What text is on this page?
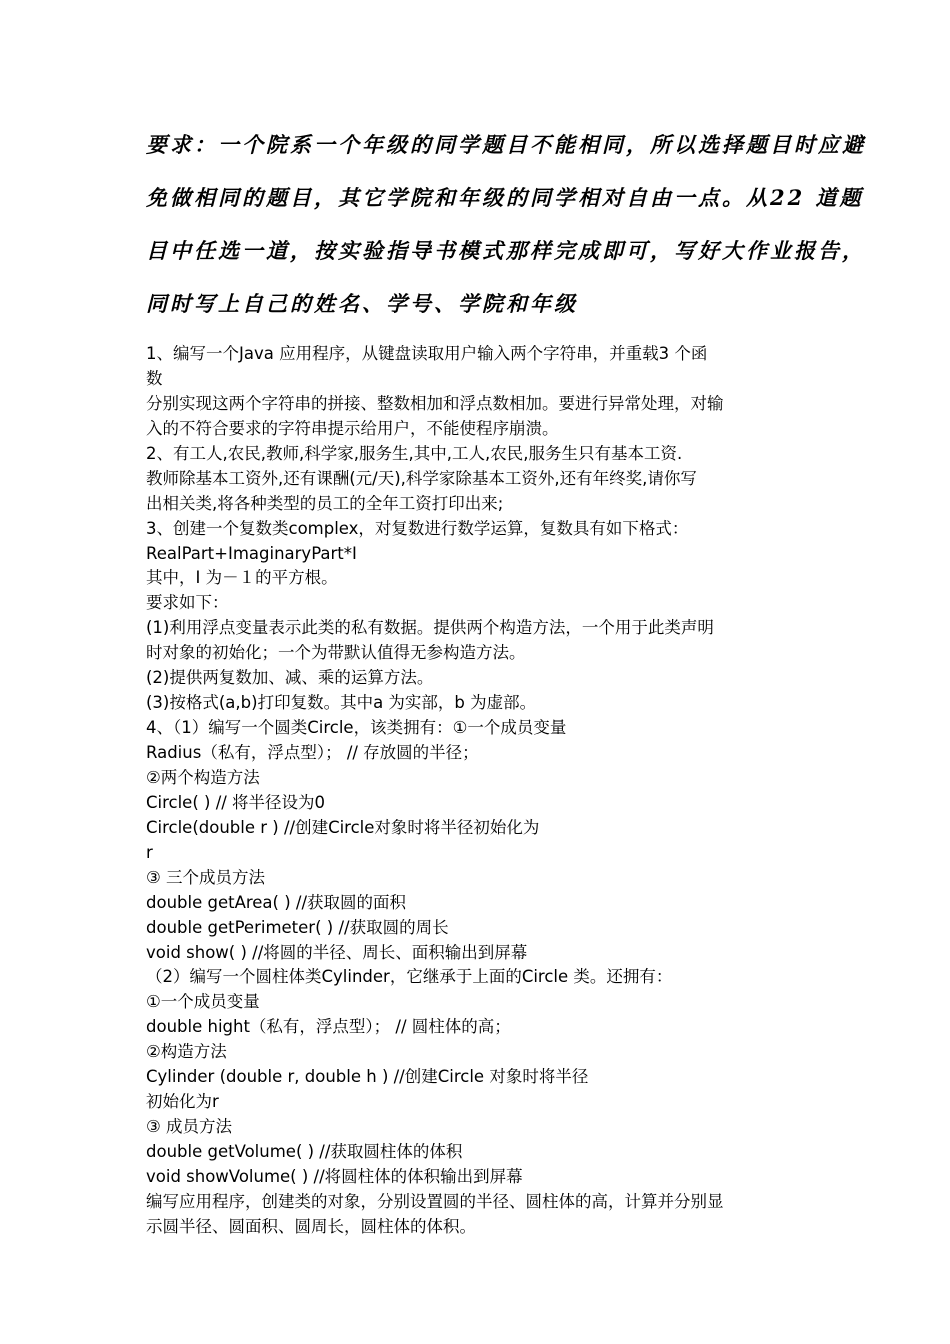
要求：一个院系一个年级的同学题目不能相同，所以选择题目时应避
免做相同的题目，其它学院和年级的同学相对自由一点。从22 道题
目中任选一道，按实验指导书模式那样完成即可，写好大作业报告，
同时写上自己的姓名、学号、学院和年级
1、编写一个Java 应用程序，从键盘读取用户输入两个字符串，并重载3 个函
数
分别实现这两个字符串的拼接、整数相加和浮点数相加。要进行异常处理，对输
入的不符合要求的字符串提示给用户，不能使程序崩溃。
2、有工人,农民,教师,科学家,服务生,其中,工人,农民,服务生只有基本工资.
教师除基本工资外,还有课酬(元/天),科学家除基本工资外,还有年终奖,请你写
出相关类,将各种类型的员工的全年工资打印出来;
3、创建一个复数类complex，对复数进行数学运算，复数具有如下格式：
RealPart+ImaginaryPart*I
其中，I 为－１的平方根。
要求如下：
(1)利用浮点变量表示此类的私有数据。提供两个构造方法，一个用于此类声明
时对象的初始化；一个为带默认值得无参构造方法。
(2)提供两复数加、减、乘的运算方法。
(3)按格式(a,b)打印复数。其中a 为实部，b 为虚部。
4、（1）编写一个圆类Circle，该类拥有：①一个成员变量
Radius（私有，浮点型）； // 存放圆的半径；
②两个构造方法
Circle( ) // 将半径设为0
Circle(double r ) //创建Circle对象时将半径初始化为
r
③ 三个成员方法
double getArea( ) //获取圆的面积
double getPerimeter( ) //获取圆的周长
void show( ) //将圆的半径、周长、面积输出到屏幕
（2）编写一个圆柱体类Cylinder，它继承于上面的Circle 类。还拥有：
①一个成员变量
double hight（私有，浮点型）； // 圆柱体的高；
②构造方法
Cylinder (double r, double h ) //创建Circle 对象时将半径
初始化为r
③ 成员方法
double getVolume( ) //获取圆柱体的体积
void showVolume( ) //将圆柱体的体积输出到屏幕
编写应用程序，创建类的对象，分别设置圆的半径、圆柱体的高，计算并分别显
示圆半径、圆面积、圆周长，圆柱体的体积。
